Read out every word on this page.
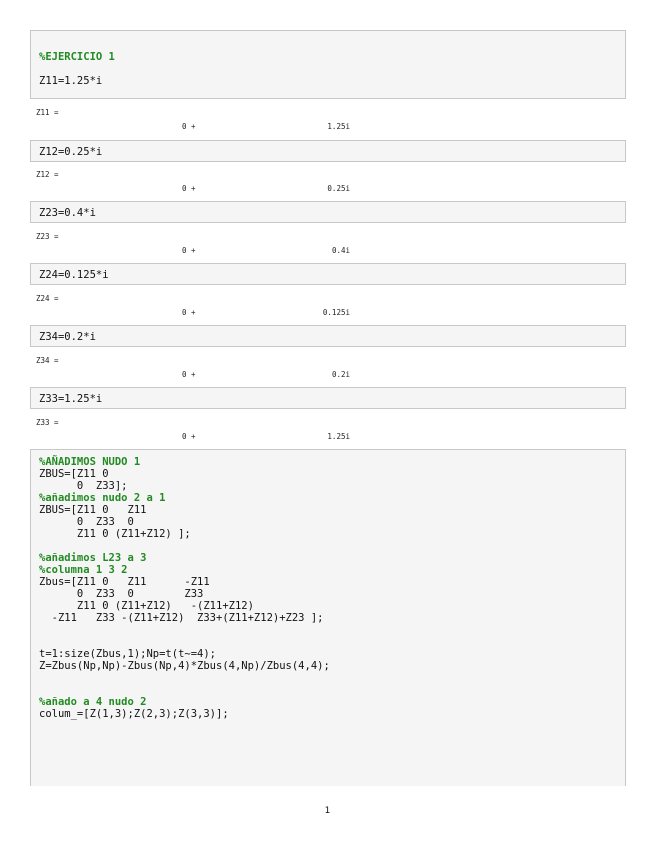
%EJERCICIO 1
Z11=1.25*i
Z11 =
0 +	1.25i
Z12=0.25*i
Z12 =
0 +	0.25i
Z23=0.4*i
Z23 =
0 +	0.4i
Z24=0.125*i
Z24 =
0 +	0.125i
Z34=0.2*i
Z34 =
0 +	0.2i
Z33=1.25*i
Z33 =
0 +	1.25i
%AÑADIMOS NUDO 1
ZBUS=[Z11 0
0  Z33];
%añadimos nudo 2 a 1
ZBUS=[Z11 0   Z11
0  Z33  0
Z11 0 (Z11+Z12) ];
%añadimos L23 a 3
%columna 1 3 2
Zbus=[Z11 0   Z11      -Z11
0  Z33  0        Z33
Z11 0 (Z11+Z12)   -(Z11+Z12)
-Z11   Z33 -(Z11+Z12)  Z33+(Z11+Z12)+Z23 ];
t=1:size(Zbus,1);Np=t(t~=4);
Z=Zbus(Np,Np)-Zbus(Np,4)*Zbus(4,Np)/Zbus(4,4);
%añado a 4 nudo 2
colum_=[Z(1,3);Z(2,3);Z(3,3)];
1
